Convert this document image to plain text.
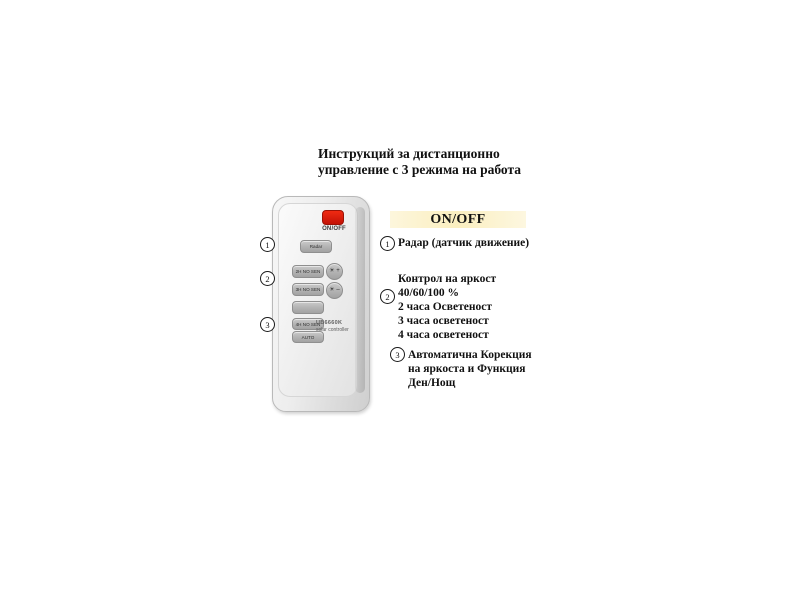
Инструкций за дистанционно
управление с 3 режима на работа
ON/OFF
Radar
2H NO SEN	☀ +
3H NO SEN	☀ –
4H NO SEN
AUTO
UB6660K
solar controller
1
2
3
ON/OFF
1
2
3
Радар (датчик движение)
Контрол на яркост
40/60/100 %
2 часа Осветеност
3 часа осветеност
4 часа осветеност
Автоматична Корекция
на яркоста и Функция
Ден/Нощ
